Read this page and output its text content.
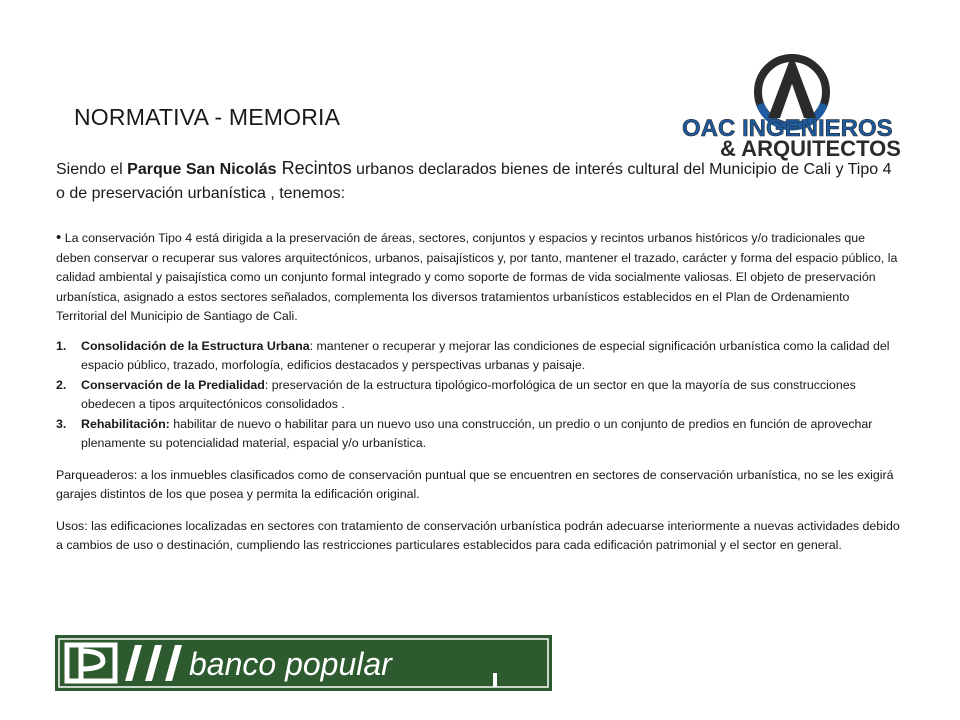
NORMATIVA - MEMORIA	OAC INGENIEROS
& ARQUITECTOS
Siendo el Parque San Nicolás Recintos urbanos declarados bienes de interés cultural del Municipio de Cali y Tipo 4 o de preservación urbanística , tenemos:

• La conservación Tipo 4 está dirigida a la preservación de áreas, sectores, conjuntos y espacios y recintos urbanos históricos y/o tradicionales que deben conservar o recuperar sus valores arquitectónicos, urbanos, paisajísticos y, por tanto, mantener el trazado, carácter y forma del espacio público, la calidad ambiental y paisajística como un conjunto formal integrado y como soporte de formas de vida socialmente valiosas. El objeto de preservación urbanística, asignado a estos sectores señalados, complementa los diversos tratamientos urbanísticos establecidos en el Plan de Ordenamiento Territorial del Municipio de Santiago de Cali.

1. Consolidación de la Estructura Urbana: mantener o recuperar y mejorar las condiciones de especial significación urbanística como la calidad del espacio público, trazado, morfología, edificios destacados y perspectivas urbanas y paisaje.
2. Conservación de la Predialidad: preservación de la estructura tipológico-morfológica de un sector en que la mayoría de sus construcciones obedecen a tipos arquitectónicos consolidados .
3. Rehabilitación: habilitar de nuevo o habilitar para un nuevo uso una construcción, un predio o un conjunto de predios en función de aprovechar plenamente su potencialidad material, espacial y/o urbanística.

Parqueaderos: a los inmuebles clasificados como de conservación puntual que se encuentren en sectores de conservación urbanística, no se les exigirá garajes distintos de los que posea y permita la edificación original.

Usos: las edificaciones localizadas en sectores con tratamiento de conservación urbanística podrán adecuarse interiormente a nuevas actividades debido a cambios de uso o destinación, cumpliendo las restricciones particulares establecidos para cada edificación patrimonial y el sector en general.

banco popular
